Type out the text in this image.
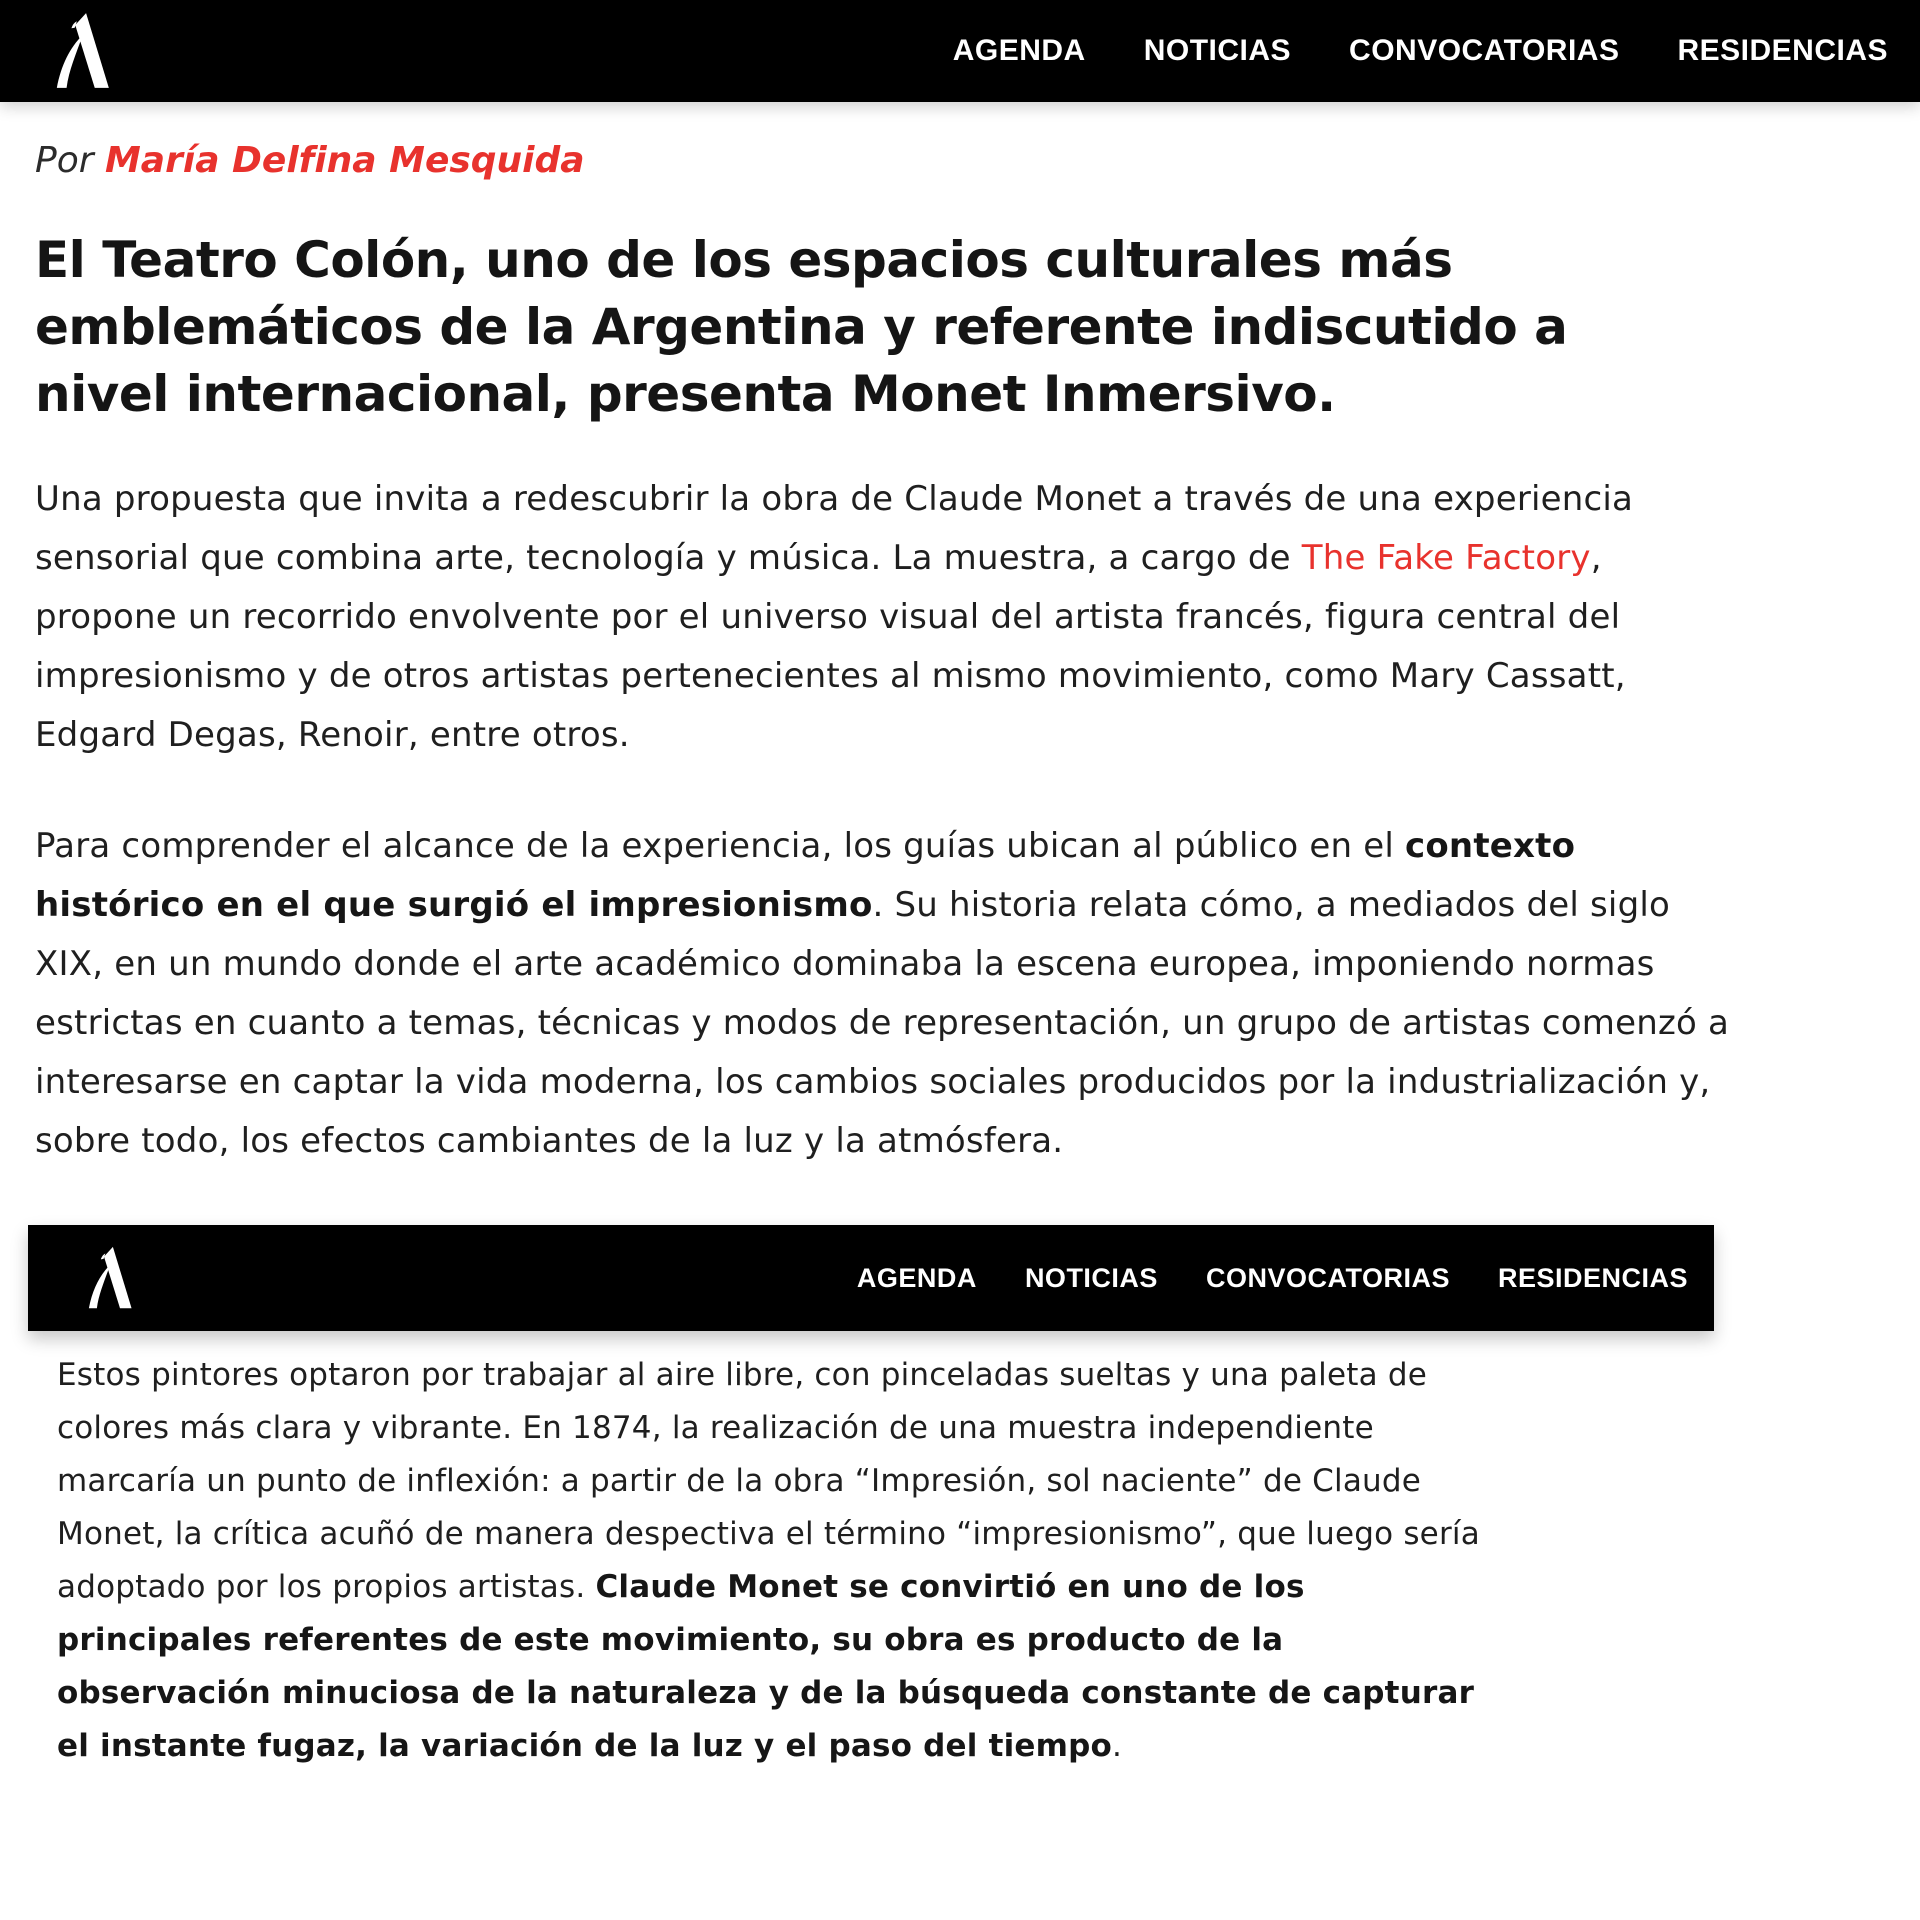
AGENDA NOTICIAS CONVOCATORIAS RESIDENCIAS

Por María Delfina Mesquida

El Teatro Colón, uno de los espacios culturales más emblemáticos de la Argentina y referente indiscutido a nivel internacional, presenta Monet Inmersivo.

Una propuesta que invita a redescubrir la obra de Claude Monet a través de una experiencia sensorial que combina arte, tecnología y música. La muestra, a cargo de The Fake Factory, propone un recorrido envolvente por el universo visual del artista francés, figura central del impresionismo y de otros artistas pertenecientes al mismo movimiento, como Mary Cassatt, Edgard Degas, Renoir, entre otros.

Para comprender el alcance de la experiencia, los guías ubican al público en el contexto histórico en el que surgió el impresionismo. Su historia relata cómo, a mediados del siglo XIX, en un mundo donde el arte académico dominaba la escena europea, imponiendo normas estrictas en cuanto a temas, técnicas y modos de representación, un grupo de artistas comenzó a interesarse en captar la vida moderna, los cambios sociales producidos por la industrialización y, sobre todo, los efectos cambiantes de la luz y la atmósfera.

AGENDA NOTICIAS CONVOCATORIAS RESIDENCIAS

Estos pintores optaron por trabajar al aire libre, con pinceladas sueltas y una paleta de colores más clara y vibrante. En 1874, la realización de una muestra independiente marcaría un punto de inflexión: a partir de la obra “Impresión, sol naciente” de Claude Monet, la crítica acuñó de manera despectiva el término “impresionismo”, que luego sería adoptado por los propios artistas. Claude Monet se convirtió en uno de los principales referentes de este movimiento, su obra es producto de la observación minuciosa de la naturaleza y de la búsqueda constante de capturar el instante fugaz, la variación de la luz y el paso del tiempo.
